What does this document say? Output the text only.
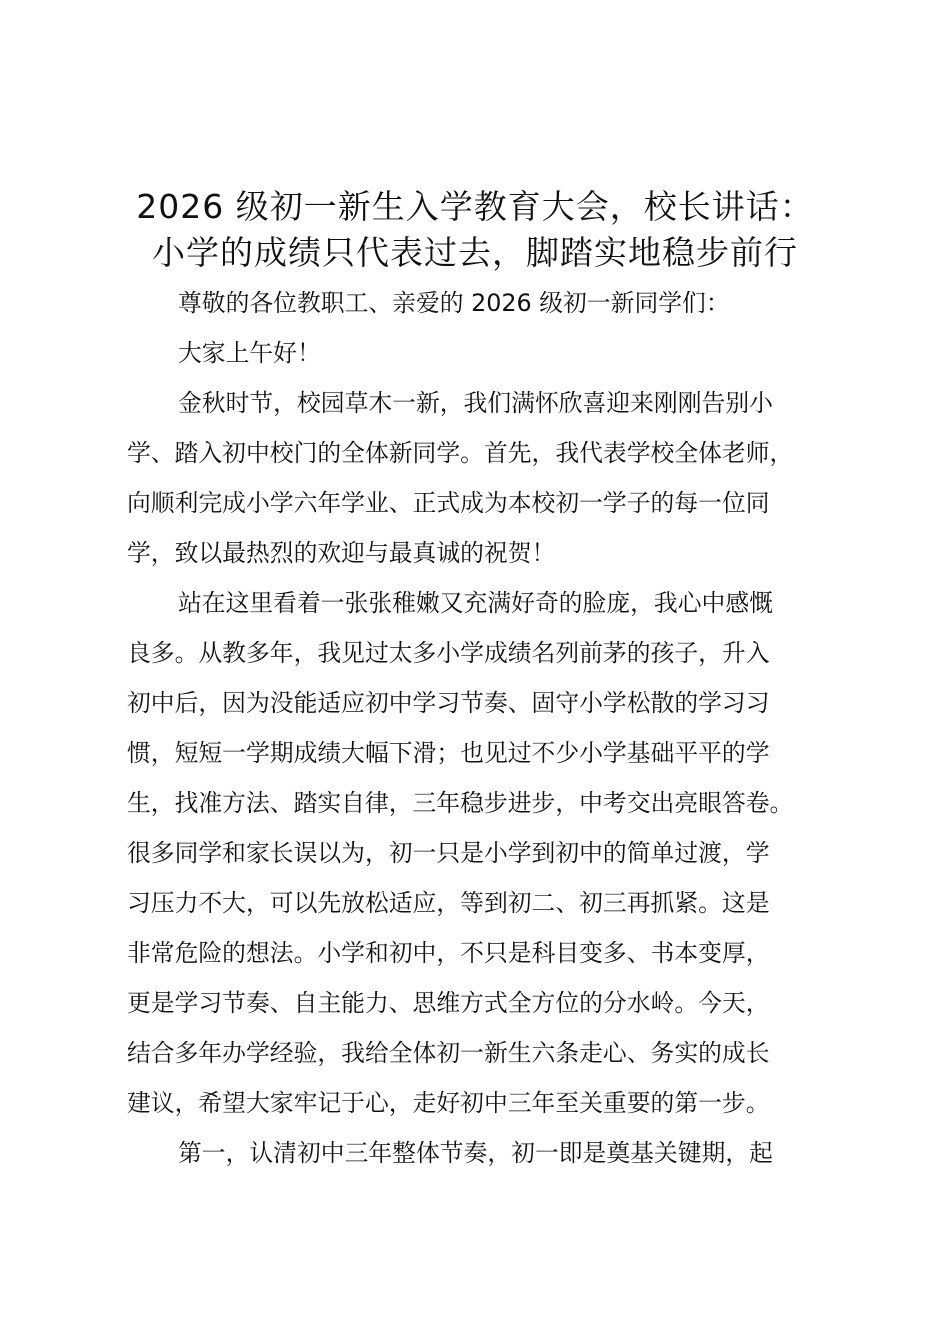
2026 级初一新生入学教育大会，校长讲话：
小学的成绩只代表过去，脚踏实地稳步前行

尊敬的各位教职工、亲爱的 2026 级初一新同学们：

大家上午好！

金秋时节，校园草木一新，我们满怀欣喜迎来刚刚告别小
学、踏入初中校门的全体新同学。首先，我代表学校全体老师，
向顺利完成小学六年学业、正式成为本校初一学子的每一位同
学，致以最热烈的欢迎与最真诚的祝贺！

站在这里看着一张张稚嫩又充满好奇的脸庞，我心中感慨
良多。从教多年，我见过太多小学成绩名列前茅的孩子，升入
初中后，因为没能适应初中学习节奏、固守小学松散的学习习
惯，短短一学期成绩大幅下滑；也见过不少小学基础平平的学
生，找准方法、踏实自律，三年稳步进步，中考交出亮眼答卷。
很多同学和家长误以为，初一只是小学到初中的简单过渡，学
习压力不大，可以先放松适应，等到初二、初三再抓紧。这是
非常危险的想法。小学和初中，不只是科目变多、书本变厚，
更是学习节奏、自主能力、思维方式全方位的分水岭。今天，
结合多年办学经验，我给全体初一新生六条走心、务实的成长
建议，希望大家牢记于心，走好初中三年至关重要的第一步。

第一，认清初中三年整体节奏，初一即是奠基关键期，起
